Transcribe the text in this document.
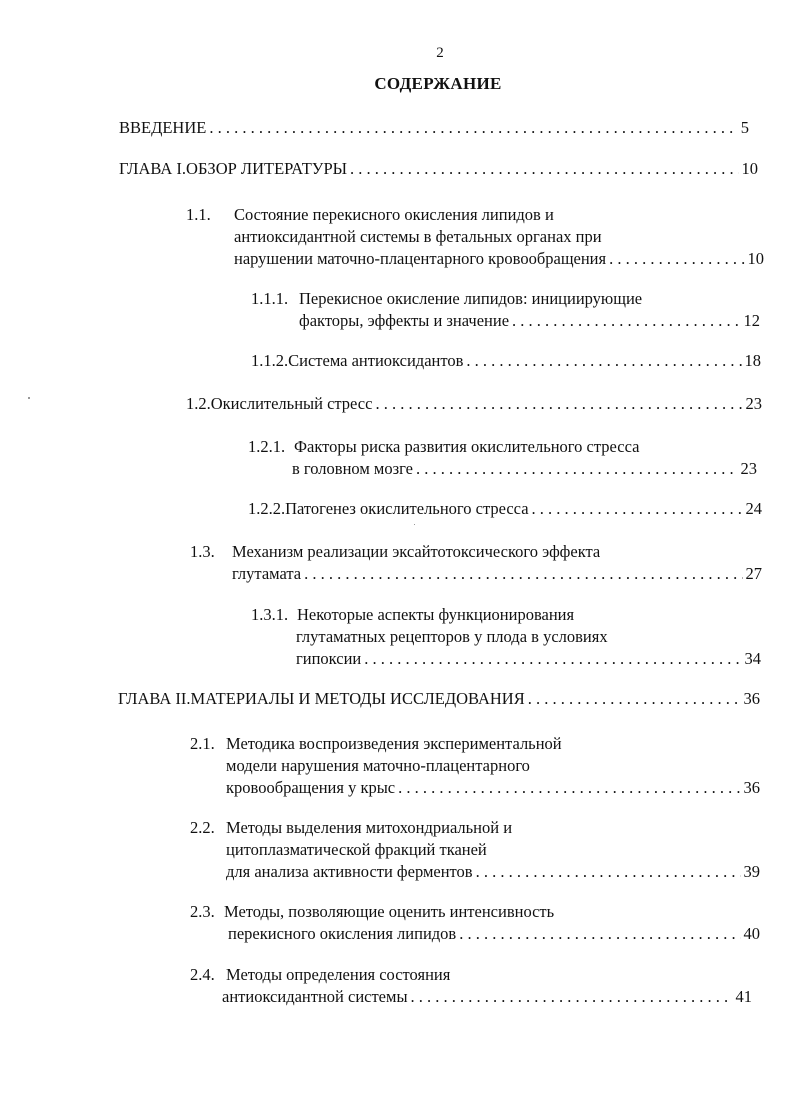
2
СОДЕРЖАНИЕ
ВВЕДЕНИЕ . . .	5
ГЛАВА I. ОБЗОР ЛИТЕРАТУРЫ . . .	10
1.1.	Состояние перекисного окисления липидов и
антиоксидантной системы в фетальных органах при
нарушении маточно-плацентарного кровообращения . . .	10
1.1.1. Перекисное окисление липидов: инициирующие
факторы, эффекты и значение . . .	12
1.1.2. Система антиоксидантов . . .	18
1.2. Окислительный стресс . . .	23
1.2.1. Факторы риска развития окислительного стресса
в головном мозге . . .	23
1.2.2. Патогенез окислительного стресса . . .	24
1.3.	Механизм реализации эксайтотоксического эффекта
глутамата . . .	27
1.3.1. Некоторые аспекты функционирования
глутаматных рецепторов у плода в условиях
гипоксии . . .	34
ГЛАВА II. МАТЕРИАЛЫ И МЕТОДЫ ИССЛЕДОВАНИЯ . . .	36
2.1. Методика воспроизведения экспериментальной
модели нарушения маточно-плацентарного
кровообращения у крыс . . .	36
2.2. Методы выделения митохондриальной и
цитоплазматической фракций тканей
для анализа активности ферментов . . .	39
2.3. Методы, позволяющие оценить интенсивность
перекисного окисления липидов . . .	40
2.4. Методы определения состояния
антиоксидантной системы . . .	41
